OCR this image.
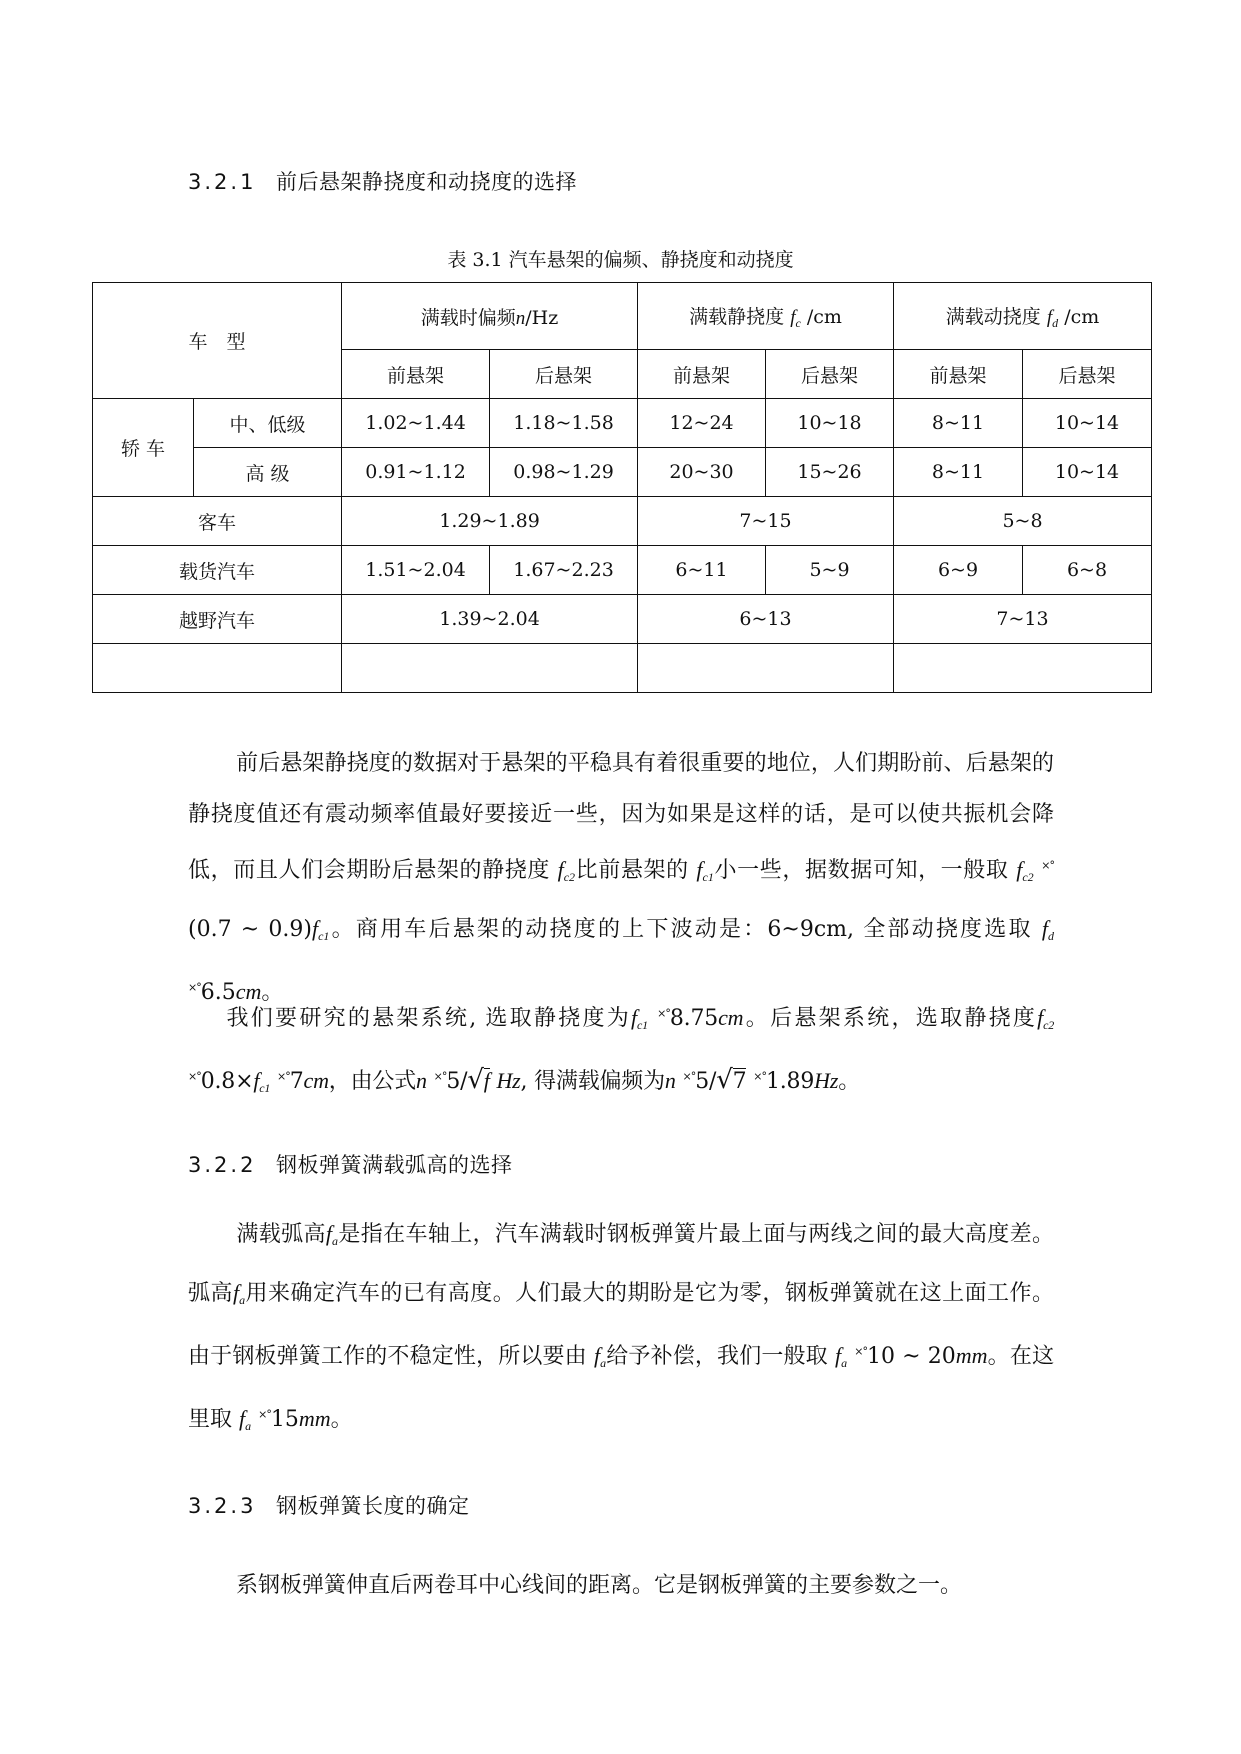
3.2.1 前后悬架静挠度和动挠度的选择
表 3.1 汽车悬架的偏频、静挠度和动挠度
车　型		满载时偏频n/Hz		满载静挠度 $f_c$ /cm		满载动挠度 $f_d$ /cm	
		前悬架	后悬架	前悬架	后悬架	前悬架	后悬架
轿 车	中、低级	1.02~1.44	1.18~1.58	12~24	10~18	8~11	10~14
	高 级	0.91~1.12	0.98~1.29	20~30	15~26	8~11	10~14
客车		1.29~1.89		7~15		5~8	
载货汽车		1.51~2.04	1.67~2.23	6~11	5~9	6~9	6~8
越野汽车		1.39~2.04		6~13		7~13	

前后悬架静挠度的数据对于悬架的平稳具有着很重要的地位，人们期盼前、后悬架的静挠度值还有震动频率值最好要接近一些，因为如果是这样的话，是可以使共振机会降低，而且人们会期盼后悬架的静挠度 $f_{c2}$比前悬架的 $f_{c1}$小一些，据数据可知，一般取 $f_{c2}$ ×°(0.7 ~ $0.9)f_{c1}$。商用车后悬架的动挠度的上下波动是：6~9cm, 全部动挠度选取 $f_d$ ×°6.5cm。
我们要研究的悬架系统, 选取静挠度为$f_{c1}$ ×°8.75cm。后悬架系统，选取静挠度$f_{c2}$ $^{\times^\circ}0.8\times f_{c1}$ ×°7cm，由公式n ×°5/√f Hz, 得满载偏频为n ×°5/√7 ×°1.89Hz。
3.2.2 钢板弹簧满载弧高的选择
满载弧高$f_a$是指在车轴上，汽车满载时钢板弹簧片最上面与两线之间的最大高度差。弧高$f_a$用来确定汽车的已有高度。人们最大的期盼是它为零，钢板弹簧就在这上面工作。由于钢板弹簧工作的不稳定性，所以要由 $f_a$给予补偿，我们一般取 $f_a$ ×°10 ~ 20mm。在这里取 $f_a$ ×°15mm。
3.2.3 钢板弹簧长度的确定
系钢板弹簧伸直后两卷耳中心线间的距离。它是钢板弹簧的主要参数之一。
